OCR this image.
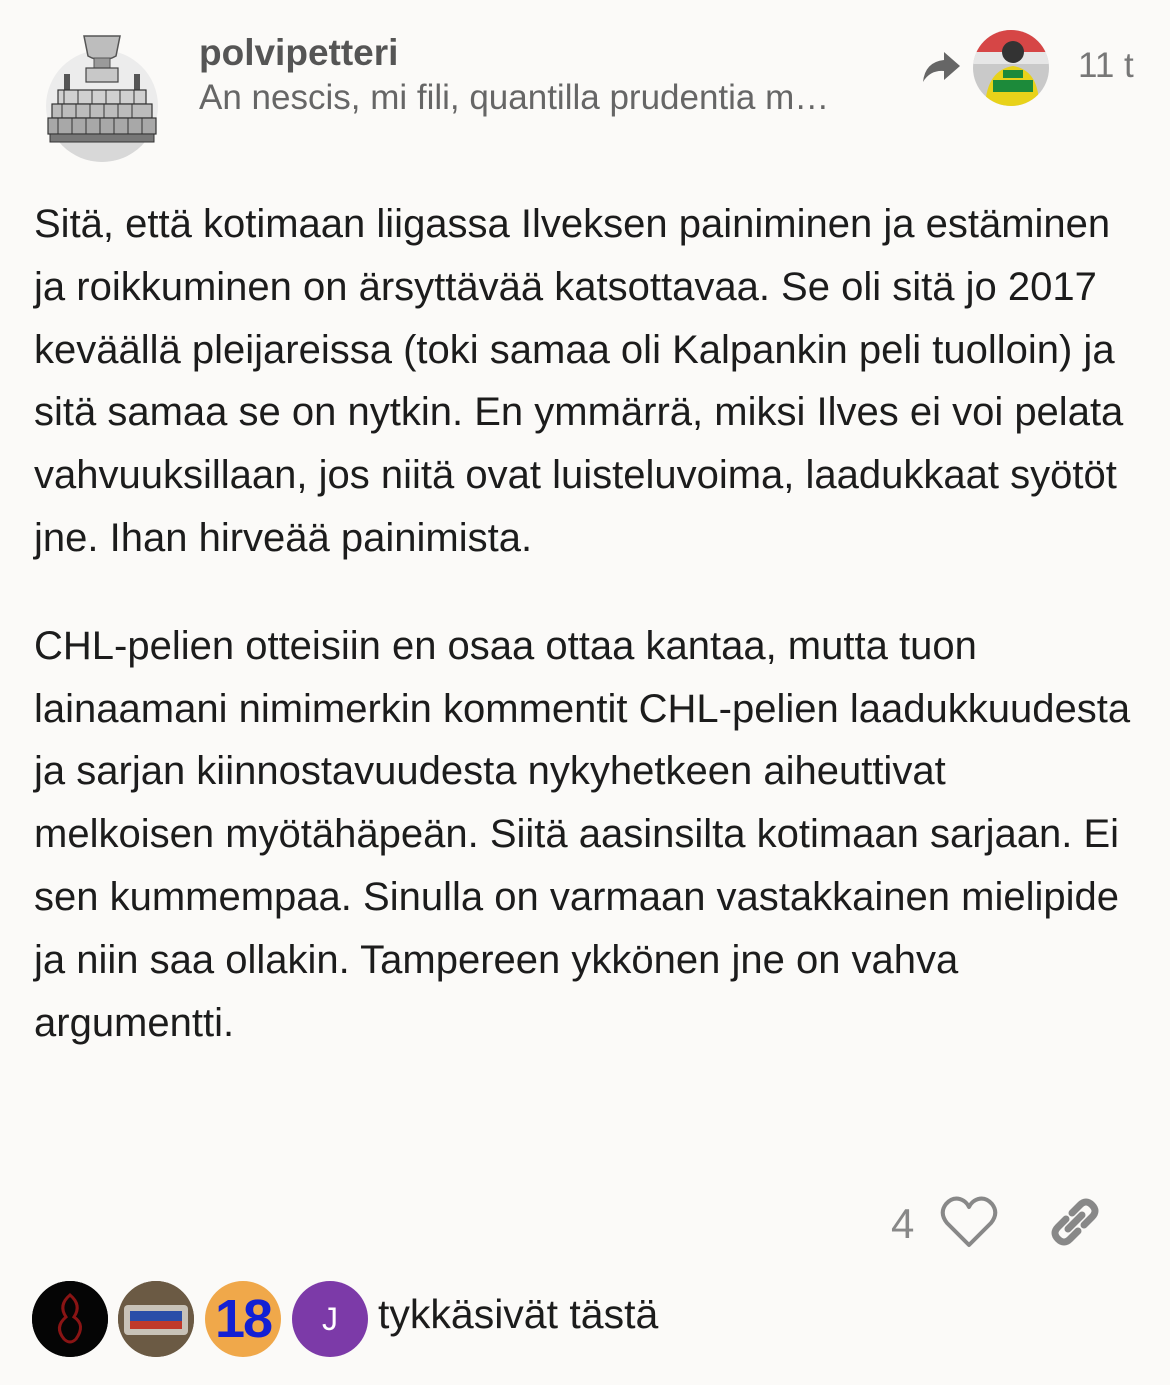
polvipetteri
An nescis, mi fili, quantilla prudentia m…
11 t

Sitä, että kotimaan liigassa Ilveksen painiminen ja estäminen ja roikkuminen on ärsyttävää katsottavaa. Se oli sitä jo 2017 keväällä pleijareissa (toki samaa oli Kalpankin peli tuolloin) ja sitä samaa se on nytkin. En ymmärrä, miksi Ilves ei voi pelata vahvuuksillaan, jos niitä ovat luisteluvoima, laadukkaat syötöt jne. Ihan hirveää painimista.

CHL-pelien otteisiin en osaa ottaa kantaa, mutta tuon lainaamani nimimerkin kommentit CHL-pelien laadukkuudesta ja sarjan kiinnostavuudesta nykyhetkeen aiheuttivat melkoisen myötähäpeän. Siitä aasinsilta kotimaan sarjaan. Ei sen kummempaa. Sinulla on varmaan vastakkainen mielipide ja niin saa ollakin. Tampereen ykkönen jne on vahva argumentti.

4
18	J tykkäsivät tästä
